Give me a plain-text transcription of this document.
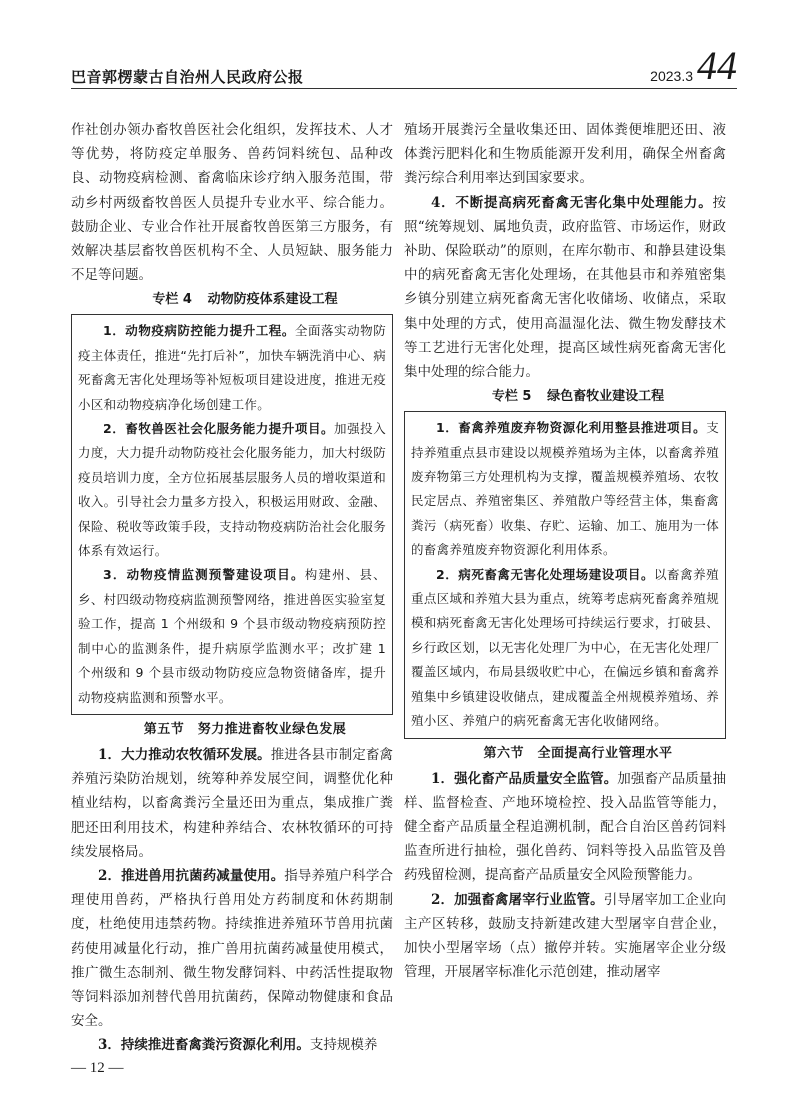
巴音郭楞蒙古自治州人民政府公报	2023.3 44

作社创办领办畜牧兽医社会化组织，发挥技术、人才等优势，将防疫定单服务、兽药饲料统包、品种改良、动物疫病检测、畜禽临床诊疗纳入服务范围，带动乡村两级畜牧兽医人员提升专业水平、综合能力。鼓励企业、专业合作社开展畜牧兽医第三方服务，有效解决基层畜牧兽医机构不全、人员短缺、服务能力不足等问题。

专栏 4 动物防疫体系建设工程

1．动物疫病防控能力提升工程。全面落实动物防疫主体责任，推进“先打后补”，加快车辆洗消中心、病死畜禽无害化处理场等补短板项目建设进度，推进无疫小区和动物疫病净化场创建工作。

2．畜牧兽医社会化服务能力提升项目。加强投入力度，大力提升动物防疫社会化服务能力，加大村级防疫员培训力度，全方位拓展基层服务人员的增收渠道和收入。引导社会力量多方投入，积极运用财政、金融、保险、税收等政策手段，支持动物疫病防治社会化服务体系有效运行。

3．动物疫情监测预警建设项目。构建州、县、乡、村四级动物疫病监测预警网络，推进兽医实验室复验工作，提高 1 个州级和 9 个县市级动物疫病预防控制中心的监测条件，提升病原学监测水平；改扩建 1 个州级和 9 个县市级动物防疫应急物资储备库，提升动物疫病监测和预警水平。

第五节　努力推进畜牧业绿色发展

1．大力推动农牧循环发展。推进各县市制定畜禽养殖污染防治规划，统筹种养发展空间，调整优化种植业结构，以畜禽粪污全量还田为重点，集成推广粪肥还田利用技术，构建种养结合、农林牧循环的可持续发展格局。

2．推进兽用抗菌药减量使用。指导养殖户科学合理使用兽药，严格执行兽用处方药制度和休药期制度，杜绝使用违禁药物。持续推进养殖环节兽用抗菌药使用减量化行动，推广兽用抗菌药减量使用模式，推广微生态制剂、微生物发酵饲料、中药活性提取物等饲料添加剂替代兽用抗菌药，保障动物健康和食品安全。

3．持续推进畜禽粪污资源化利用。支持规模养

殖场开展粪污全量收集还田、固体粪便堆肥还田、液体粪污肥料化和生物质能源开发利用，确保全州畜禽粪污综合利用率达到国家要求。

4．不断提高病死畜禽无害化集中处理能力。按照“统筹规划、属地负责，政府监管、市场运作，财政补助、保险联动”的原则，在库尔勒市、和静县建设集中的病死畜禽无害化处理场，在其他县市和养殖密集乡镇分别建立病死畜禽无害化收储场、收储点，采取集中处理的方式，使用高温湿化法、微生物发酵技术等工艺进行无害化处理，提高区域性病死畜禽无害化集中处理的综合能力。

专栏 5 绿色畜牧业建设工程

1．畜禽养殖废弃物资源化利用整县推进项目。支持养殖重点县市建设以规模养殖场为主体，以畜禽养殖废弃物第三方处理机构为支撑，覆盖规模养殖场、农牧民定居点、养殖密集区、养殖散户等经营主体，集畜禽粪污（病死畜）收集、存贮、运输、加工、施用为一体的畜禽养殖废弃物资源化利用体系。

2．病死畜禽无害化处理场建设项目。以畜禽养殖重点区域和养殖大县为重点，统筹考虑病死畜禽养殖规模和病死畜禽无害化处理场可持续运行要求，打破县、乡行政区划，以无害化处理厂为中心，在无害化处理厂覆盖区域内，布局县级收贮中心，在偏远乡镇和畜禽养殖集中乡镇建设收储点，建成覆盖全州规模养殖场、养殖小区、养殖户的病死畜禽无害化收储网络。

第六节　全面提高行业管理水平

1．强化畜产品质量安全监管。加强畜产品质量抽样、监督检查、产地环境检控、投入品监管等能力，健全畜产品质量全程追溯机制，配合自治区兽药饲料监查所进行抽检，强化兽药、饲料等投入品监管及兽药残留检测，提高畜产品质量安全风险预警能力。

2．加强畜禽屠宰行业监管。引导屠宰加工企业向主产区转移，鼓励支持新建改建大型屠宰自营企业，加快小型屠宰场（点）撤停并转。实施屠宰企业分级管理，开展屠宰标准化示范创建，推动屠宰

— 12 —
